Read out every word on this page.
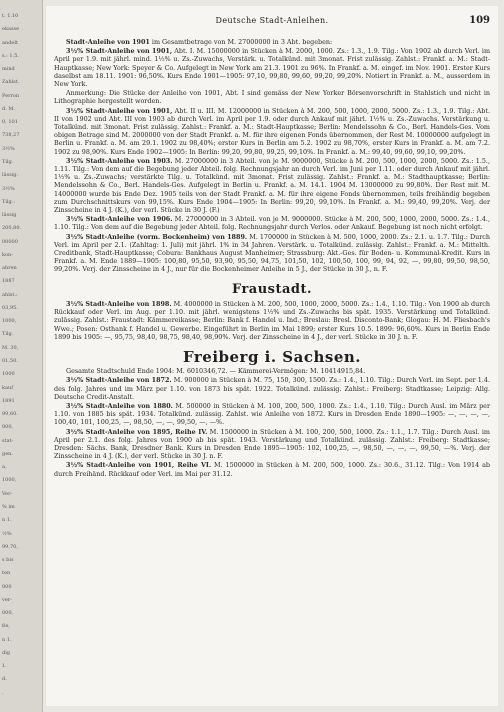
t. 1.10
ekasse
andelt
s.: 1.5.
mind
Zahlst.
Perron
d. M.
0, 101
738,27
3½%
Tilg.
lässig.
3½%
Tilg.:
lässig
200,80.
00000
kon-
ahren
1887
ahlst.:
03,95.
1000,
Tilg.
M. 30,
01,50.
1000
kauf
1891
99,60.
000,
stat-
gen.
a,
1000,
Ver-
% im
n 1.
½%
99,70,
s bis
ten
000
ver-
000,
ße,
n 1.
dig
1.
d.
.
Deutsche Stadt-Anleihen.	109
Stadt-Anleihe von 1901 im Gesamtbetrage von M. 27000000 in 3 Abt. begeben:
3½% Stadt-Anleihe von 1901, Abt. I. M. 15000000 in Stücken à M. 2000, 1000. Zs.: 1.3., 1.9. Tilg.: Von 1902 ab durch Verl. im April per 1.9. mit jährl. mind. 1½% u. Zs.-Zuwachs, Verstärk. u. Totalkünd. mit 3monat. Frist zulässig. Zahlst.: Frankf. a. M.: Stadt-Hauptkasse; New York: Speyer & Co. Aufgelegt in New York am 21.3. 1901 zu 96%. In Frankf. a. M. eingef. im Nov. 1901. Erster Kurs daselbst am 18.11. 1901: 96,50%. Kurs Ende 1901—1905: 97,10, 99,80, 99,60, 99,20, 99,20%. Notiert in Frankf. a. M., ausserdem in New York.
Anmerkung: Die Stücke der Anleihe von 1901, Abt. I sind gemäss der New Yorker Börsenvorschrift in Stahlstich und nicht in Lithographie hergestellt worden.
3½% Stadt-Anleihe von 1901, Abt. II u. III. M. 12000000 in Stücken à M. 200, 500, 1000, 2000, 5000. Zs.: 1.3., 1.9. Tilg.: Abt. II von 1902 und Abt. III von 1903 ab durch Verl. im April per 1.9. oder durch Ankauf mit jährl. 1½% u. Zs.-Zuwachs. Verstärkung u. Totalkünd. mit 3monat. Frist zulässig. Zahlst.: Frankf. a. M.: Stadt-Hauptkasse; Berlin: Mendelssohn & Co., Berl. Handels-Ges. Vom obigen Betrage sind M. 2000000 von der Stadt Frankf. a. M. für ihre eigenen Fonds übernommen, der Rest M. 10000000 aufgelegt in Berlin u. Frankf. a. M. am 29.1. 1902 zu 98,40%; erster Kurs in Berlin am 5.2. 1902 zu 98,70%, erster Kurs in Frankf. a. M. am 7.2. 1902 zu 98,90%. Kurs Ende 1902—1905: In Berlin: 99,20, 99,80, 99,25, 99,10%. In Frankf. a. M.: 99,40, 99,60, 99,10, 99,20%.
3½% Stadt-Anleihe von 1903. M. 27000000 in 3 Abteil. von je M. 9000000, Stücke à M. 200, 500, 1000, 2000, 5000. Zs.: 1.5., 1.11. Tilg.: Von dem auf die Begebung jeder Abteil. folg. Rechnungsjahr an durch Verl. im Juni per 1.11. oder durch Ankauf mit jährl. 1½% u. Zs.-Zuwachs; verstärkte Tilg. u. Totalkünd. mit 3monat. Frist zulässig. Zahlst.: Frankf. a. M.: Stadthauptkasse; Berlin: Mendelssohn & Co., Berl. Handels-Ges. Aufgelegt in Berlin u. Frankf. a. M. 14.1. 1904 M. 13000000 zu 99,80%. Der Rest mit M. 14000000 wurde bis Ende Dez. 1905 teils von der Stadt Frankf. a. M. für ihre eigene Fonds übernommen, teils freihändig begeben zum Durchschnittskurs von 99,15%. Kurs Ende 1904—1905: In Berlin: 99,20, 99,10%. In Frankf. a. M.: 99,40, 99,20%. Verj. der Zinsscheine in 4 J. (K.), der verl. Stücke in 30 J. (F.)
3½% Stadt-Anleihe von 1906. M. 27000000 in 3 Abteil. von je M. 9000000. Stücke à M. 200, 500, 1000, 2000, 5000. Zs.: 1.4., 1.10. Tilg.: Von dem auf die Begebung jeder Abteil. folg. Rechnungsjahr durch Verlos. oder Ankauf. Begebung ist noch nicht erfolgt.
3½% Stadt-Anleihe (vorm. Bockenheim) von 1889. M. 1700000 in Stücken à M. 500, 1000, 2000. Zs.: 2.1. u. 1.7. Tilg.: Durch Verl. im April per 2.1. (Zahltag: 1. Juli) mit jährl. 1% in 34 Jahren. Verstärk. u. Totalkünd. zulässig. Zahlst.: Frankf. a. M.: Mittelth. Creditbank, Stadt-Hauptkasse; Cobura: Bankhaus August Manheimer; Strassburg: Akt.-Ges. für Boden- u. Kommunal-Kredit. Kurs in Frankf. a. M. Ende 1889—1905: 100,80, 95,50, 93,90, 95,50, 94,75, 101,50, 102, 100,50, 100, 99, 94, 92, —, 99,80, 99,50, 98,50, 99,20%. Verj. der Zinsscheine in 4 J., nur für die Bockenheimer Anleihe in 5 J., der Stücke in 30 J., n. F.
Fraustadt.
3½% Stadt-Anleihe von 1898. M. 4000000 in Stücken à M. 200, 500, 1000, 2000, 5000. Zs.: 1.4., 1.10. Tilg.: Von 1900 ab durch Rückkauf oder Verl. im Aug. per 1.10. mit jährl. wenigstens 1½% und Zs.-Zuwachs bis spät. 1935. Verstärkung und Totalkünd. zulässig. Zahlst.: Fraustadt: Kämmereikasse; Berlin: Bank f. Handel u. Ind.; Breslau: Bresl. Disconto-Bank; Glogau: H. M. Fliesbach's Wwe.; Posen: Osthank f. Handel u. Gewerbe. Eingeführt in Berlin im Mai 1899; erster Kurs 10.5. 1899: 96,60%. Kurs in Berlin Ende 1899 bis 1905: —, 95,75, 98,40, 98,75, 98,40, 98,90%. Verj. der Zinsscheine in 4 J., der verl. Stücke in 30 J. n. F.
Freiberg i. Sachsen.
Gesamte Stadtschuld Ende 1904: M. 6010346,72. — Kämmerei-Vermögen: M. 10414915,84.
3½% Stadt-Anleihe von 1872. M. 900000 in Stücken à M. 75, 150, 300, 1500. Zs.: 1.4., 1.10. Tilg.: Durch Verl. im Sept. per 1.4. des folg. Jahres und im März per 1.10. von 1873 bis spät. 1922. Totalkünd. zulässig. Zahlst.: Freiberg: Stadtkasse; Leipzig: Allg. Deutsche Credit-Anstalt.
3½% Stadt-Anleihe von 1880. M. 500000 in Stücken à M. 100, 200, 500, 1000. Zs.: 1.4., 1.10. Tilg.: Durch Ausl. im März per 1.10. von 1885 bis spät. 1934. Totalkünd. zulässig. Zahlst. wie Anleihe von 1872. Kurs in Dresden Ende 1890—1905: —, —, —, —, 100,40, 101, 100,25, —, 98,50, —, —, 99,50, —, —%.
3½% Stadt-Anleihe von 1895, Reihe IV. M. 1500000 in Stücken à M. 100, 200, 500, 1000. Zs.: 1.1., 1.7. Tilg.: Durch Ausl. im April per 2.1. des folg. Jahres von 1900 ab bis spät. 1943. Verstärkung und Totalkünd. zulässig. Zahlst.: Freiberg: Stadtkasse; Dresden: Sächs. Bank, Dresdner Bank. Kurs in Dresden Ende 1895—1905: 102, 100,25, —, 98,50, —, —, —, 99,50, —%. Verj. der Zinsscheine in 4 J. (K.), der verl. Stücke in 30 J. n. F.
3½% Stadt-Anleihe von 1901, Reihe VI. M. 1500000 in Stücken à M. 200, 500, 1000. Zs.: 30.6., 31.12. Tilg.: Von 1914 ab durch Freihänd. Rückkauf oder Verl. im Mai per 31.12.
